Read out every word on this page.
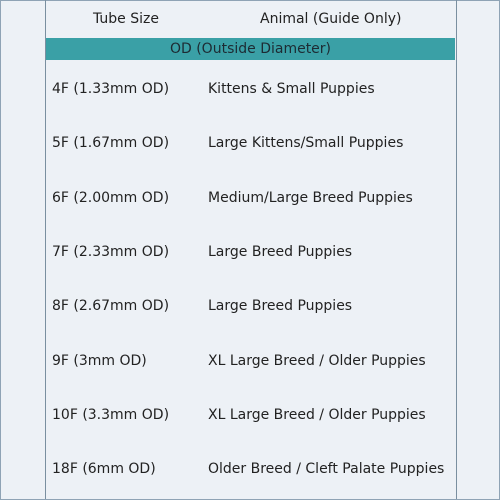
Tube Size	Animal (Guide Only)
OD (Outside Diameter)
4F (1.33mm OD)	Kittens & Small Puppies
5F (1.67mm OD)	Large Kittens/Small Puppies
6F (2.00mm OD)	Medium/Large Breed Puppies
7F (2.33mm OD)	Large Breed Puppies
8F (2.67mm OD)	Large Breed Puppies
9F (3mm OD)	XL Large Breed / Older Puppies
10F (3.3mm OD)	XL Large Breed / Older Puppies
18F (6mm OD)	Older Breed / Cleft Palate Puppies
